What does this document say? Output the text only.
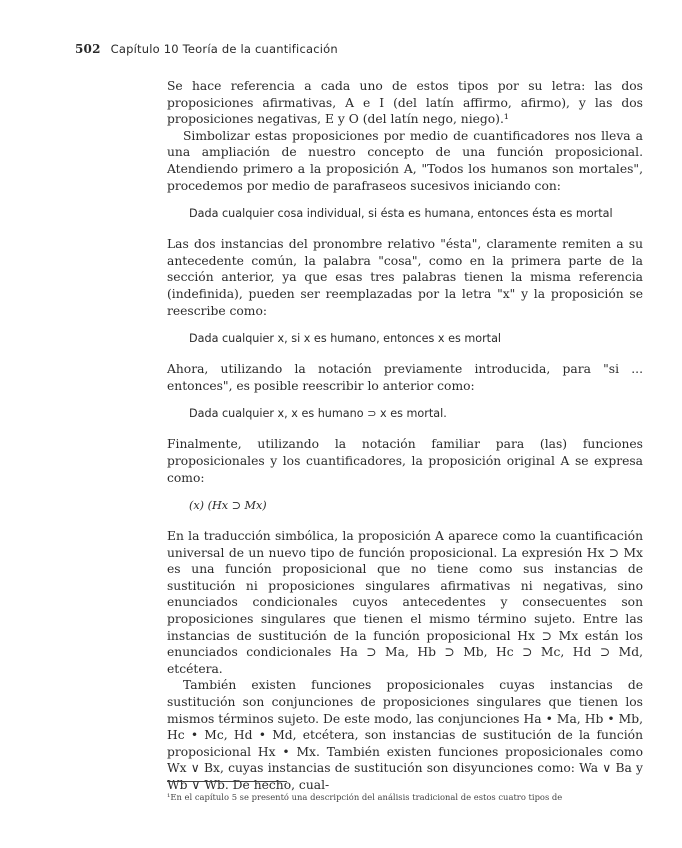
502 Capítulo 10 Teoría de la cuantificación

Se hace referencia a cada uno de estos tipos por su letra: las dos proposiciones afirmativas, A e I (del latín affirmo, afirmo), y las dos proposiciones negativas, E y O (del latín nego, niego).¹

Simbolizar estas proposiciones por medio de cuantificadores nos lleva a una ampliación de nuestro concepto de una función proposicional. Atendiendo primero a la proposición A, "Todos los humanos son mortales", procedemos por medio de parafraseos sucesivos iniciando con:

Dada cualquier cosa individual, si ésta es humana, entonces ésta es mortal

Las dos instancias del pronombre relativo "ésta", claramente remiten a su antecedente común, la palabra "cosa", como en la primera parte de la sección anterior, ya que esas tres palabras tienen la misma referencia (indefinida), pueden ser reemplazadas por la letra "x" y la proposición se reescribe como:

Dada cualquier x, si x es humano, entonces x es mortal

Ahora, utilizando la notación previamente introducida, para "si ... entonces", es posible reescribir lo anterior como:

Dada cualquier x, x es humano ⊃ x es mortal.

Finalmente, utilizando la notación familiar para (las) funciones proposicionales y los cuantificadores, la proposición original A se expresa como:

(x) (Hx ⊃ Mx)

En la traducción simbólica, la proposición A aparece como la cuantificación universal de un nuevo tipo de función proposicional. La expresión Hx ⊃ Mx es una función proposicional que no tiene como sus instancias de sustitución ni proposiciones singulares afirmativas ni negativas, sino enunciados condicionales cuyos antecedentes y consecuentes son proposiciones singulares que tienen el mismo término sujeto. Entre las instancias de sustitución de la función proposicional Hx ⊃ Mx están los enunciados condicionales Ha ⊃ Ma, Hb ⊃ Mb, Hc ⊃ Mc, Hd ⊃ Md, etcétera.

También existen funciones proposicionales cuyas instancias de sustitución son conjunciones de proposiciones singulares que tienen los mismos términos sujeto. De este modo, las conjunciones Ha • Ma, Hb • Mb, Hc • Mc, Hd • Md, etcétera, son instancias de sustitución de la función proposicional Hx • Mx. También existen funciones proposicionales como Wx ∨ Bx, cuyas instancias de sustitución son disyunciones como: Wa ∨ Ba y Wb ∨ Wb. De hecho, cual-

¹En el capítulo 5 se presentó una descripción del análisis tradicional de estos cuatro tipos de
